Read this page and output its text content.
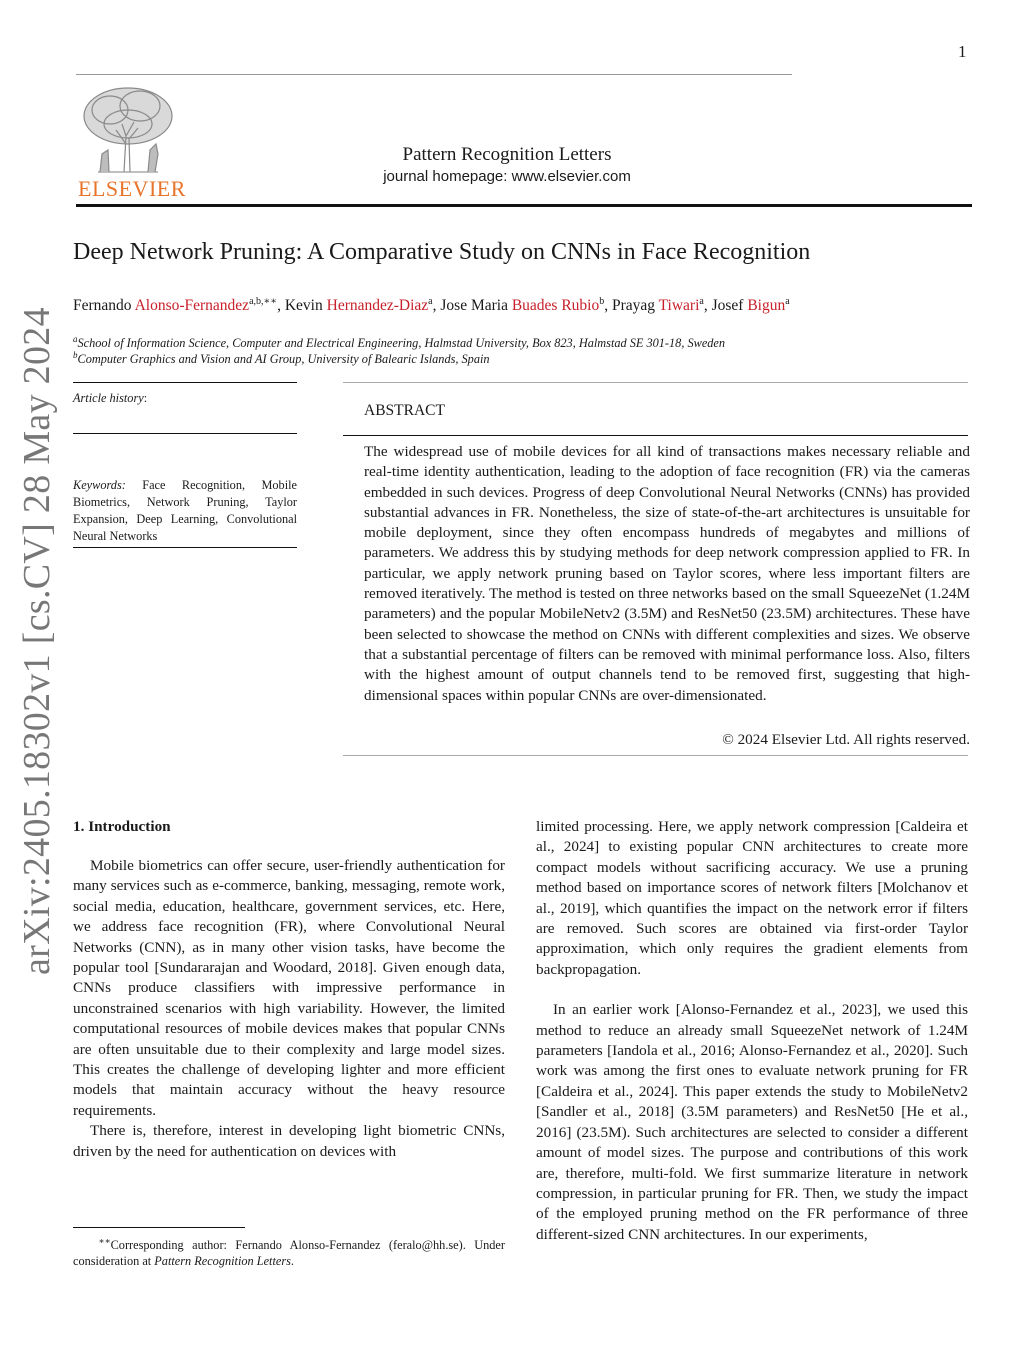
1
ELSEVIER
Pattern Recognition Letters
journal homepage: www.elsevier.com
Deep Network Pruning: A Comparative Study on CNNs in Face Recognition
Fernando Alonso-Fernandez$^{a,b,∗∗}$, Kevin Hernandez-Diaz$^a$, Jose Maria Buades Rubio$^b$, Prayag Tiwari$^a$, Josef Bigun$^a$
$^a$School of Information Science, Computer and Electrical Engineering, Halmstad University, Box 823, Halmstad SE 301-18, Sweden
$^b$Computer Graphics and Vision and AI Group, University of Balearic Islands, Spain
arXiv:2405.18302v1 [cs.CV] 28 May 2024 Article history:
Keywords: Face Recognition, Mobile Biometrics, Network Pruning, Taylor Expansion, Deep Learning, Convolutional Neural Networks
ABSTRACT
The widespread use of mobile devices for all kind of transactions makes necessary reliable and real-time identity authentication, leading to the adoption of face recognition (FR) via the cameras embedded in such devices. Progress of deep Convolutional Neural Networks (CNNs) has provided substantial advances in FR. Nonetheless, the size of state-of-the-art architectures is unsuitable for mobile deployment, since they often encompass hundreds of megabytes and millions of parameters. We address this by studying methods for deep network compression applied to FR. In particular, we apply network pruning based on Taylor scores, where less important filters are removed iteratively. The method is tested on three networks based on the small SqueezeNet (1.24M parameters) and the popular MobileNetv2 (3.5M) and ResNet50 (23.5M) architectures. These have been selected to showcase the method on CNNs with different complexities and sizes. We observe that a substantial percentage of filters can be removed with minimal performance loss. Also, filters with the highest amount of output channels tend to be removed first, suggesting that high-dimensional spaces within popular CNNs are over-dimensionated.
© 2024 Elsevier Ltd. All rights reserved.
1. Introduction

Mobile biometrics can offer secure, user-friendly authentication for many services such as e-commerce, banking, messaging, remote work, social media, education, healthcare, government services, etc. Here, we address face recognition (FR), where Convolutional Neural Networks (CNN), as in many other vision tasks, have become the popular tool [Sundararajan and Woodard, 2018]. Given enough data, CNNs produce classifiers with impressive performance in unconstrained scenarios with high variability. However, the limited computational resources of mobile devices makes that popular CNNs are often unsuitable due to their complexity and large model sizes. This creates the challenge of developing lighter and more efficient models that maintain accuracy without the heavy resource requirements.

There is, therefore, interest in developing light biometric CNNs, driven by the need for authentication on devices with

limited processing. Here, we apply network compression [Caldeira et al., 2024] to existing popular CNN architectures to create more compact models without sacrificing accuracy. We use a pruning method based on importance scores of network filters [Molchanov et al., 2019], which quantifies the impact on the network error if filters are removed. Such scores are obtained via first-order Taylor approximation, which only requires the gradient elements from backpropagation.

In an earlier work [Alonso-Fernandez et al., 2023], we used this method to reduce an already small SqueezeNet network of 1.24M parameters [Iandola et al., 2016; Alonso-Fernandez et al., 2020]. Such work was among the first ones to evaluate network pruning for FR [Caldeira et al., 2024]. This paper extends the study to MobileNetv2 [Sandler et al., 2018] (3.5M parameters) and ResNet50 [He et al., 2016] (23.5M). Such architectures are selected to consider a different amount of model sizes. The purpose and contributions of this work are, therefore, multi-fold. We first summarize literature in network compression, in particular pruning for FR. Then, we study the impact of the employed pruning method on the FR performance of three different-sized CNN architectures. In our experiments,

∗∗Corresponding author: Fernando Alonso-Fernandez (feralo@hh.se). Under consideration at Pattern Recognition Letters.
